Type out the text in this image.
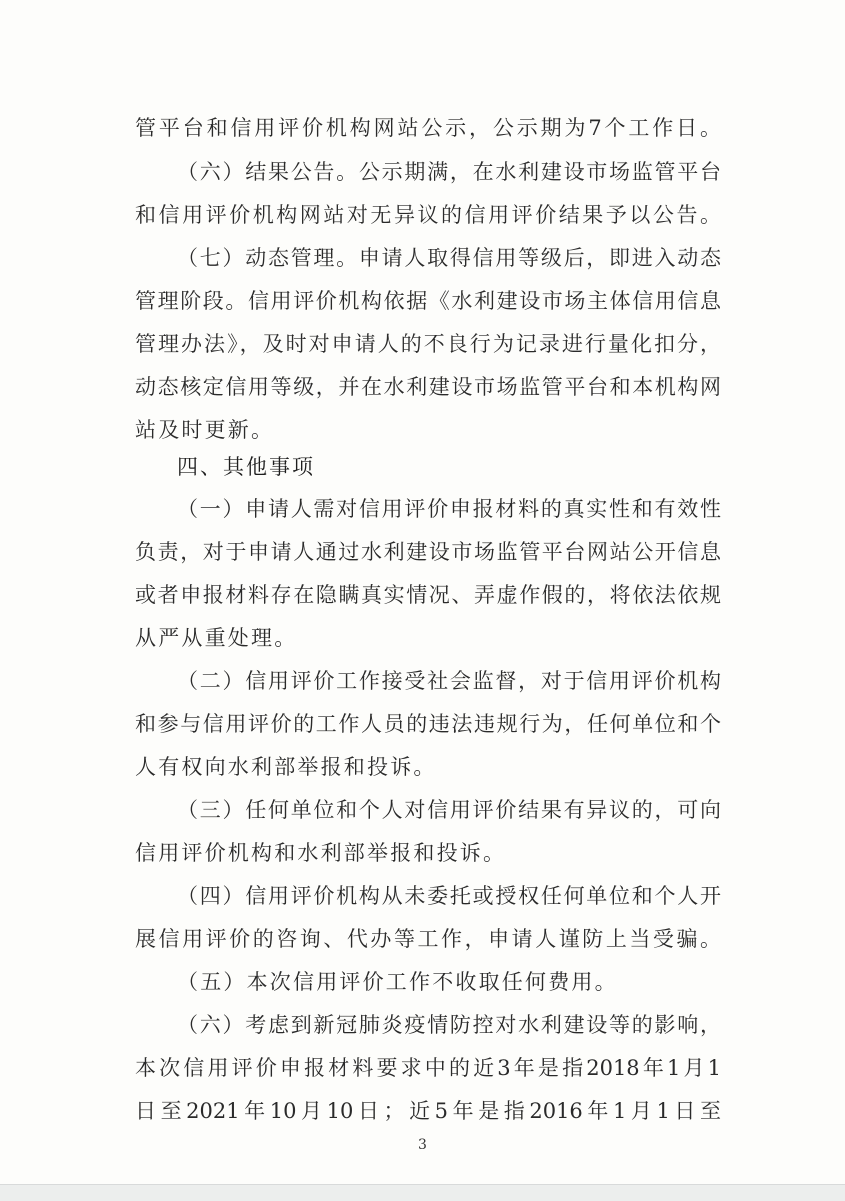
管平台和信用评价机构网站公示，公示期为7个工作日。
（六）结果公告。公示期满，在水利建设市场监管平台
和信用评价机构网站对无异议的信用评价结果予以公告。
（七）动态管理。申请人取得信用等级后，即进入动态
管理阶段。信用评价机构依据《水利建设市场主体信用信息
管理办法》，及时对申请人的不良行为记录进行量化扣分，
动态核定信用等级，并在水利建设市场监管平台和本机构网
站及时更新。
四、其他事项
（一）申请人需对信用评价申报材料的真实性和有效性
负责，对于申请人通过水利建设市场监管平台网站公开信息
或者申报材料存在隐瞒真实情况、弄虚作假的，将依法依规
从严从重处理。
（二）信用评价工作接受社会监督，对于信用评价机构
和参与信用评价的工作人员的违法违规行为，任何单位和个
人有权向水利部举报和投诉。
（三）任何单位和个人对信用评价结果有异议的，可向
信用评价机构和水利部举报和投诉。
（四）信用评价机构从未委托或授权任何单位和个人开
展信用评价的咨询、代办等工作，申请人谨防上当受骗。
（五）本次信用评价工作不收取任何费用。
（六）考虑到新冠肺炎疫情防控对水利建设等的影响，
本次信用评价申报材料要求中的近3年是指2018年1月1
日至2021年10月10日；近5年是指2016年1月1日至
3
